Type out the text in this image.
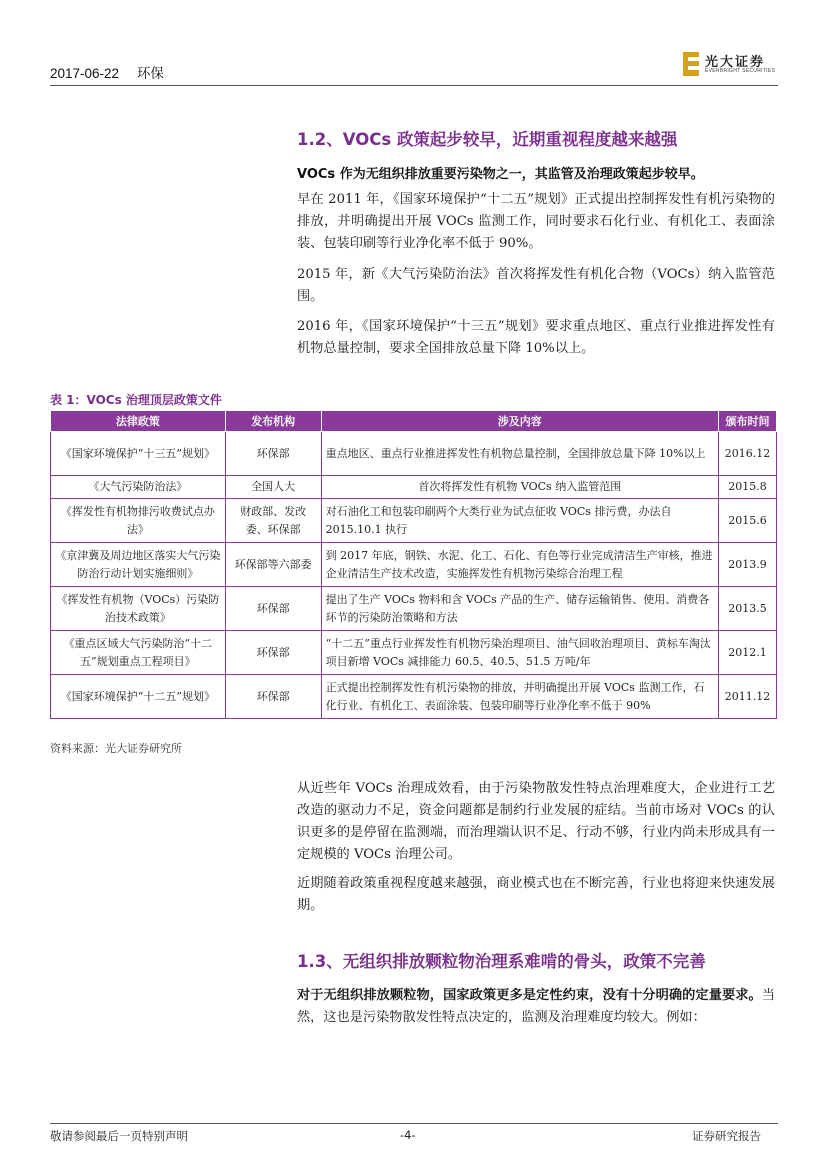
2017-06-22 环保
光大证券
EVERBRIGHT SECURITIES
1.2、VOCs 政策起步较早，近期重视程度越来越强
VOCs 作为无组织排放重要污染物之一，其监管及治理政策起步较早。

早在 2011 年，《国家环境保护“十二五”规划》正式提出控制挥发性有机污染物的排放，并明确提出开展 VOCs 监测工作，同时要求石化行业、有机化工、表面涂装、包装印刷等行业净化率不低于 90%。

2015 年，新《大气污染防治法》首次将挥发性有机化合物（VOCs）纳入监管范围。

2016 年，《国家环境保护“十三五”规划》要求重点地区、重点行业推进挥发性有机物总量控制，要求全国排放总量下降 10%以上。

表 1：VOCs 治理顶层政策文件
法律政策	发布机构	涉及内容	颁布时间
《国家环境保护“十三五”规划》	环保部	重点地区、重点行业推进挥发性有机物总量控制，全国排放总量下降 10%以上	2016.12
《大气污染防治法》	全国人大	首次将挥发性有机物 VOCs 纳入监管范围	2015.8
《挥发性有机物排污收费试点办法》	财政部、发改委、环保部	对石油化工和包装印刷两个大类行业为试点征收 VOCs 排污费，办法自 2015.10.1 执行	2015.6
《京津冀及周边地区落实大气污染防治行动计划实施细则》	环保部等六部委	到 2017 年底，钢铁、水泥、化工、石化、有色等行业完成清洁生产审核，推进企业清洁生产技术改造，实施挥发性有机物污染综合治理工程	2013.9
《挥发性有机物（VOCs）污染防治技术政策》	环保部	提出了生产 VOCs 物料和含 VOCs 产品的生产、储存运输销售、使用、消费各环节的污染防治策略和方法	2013.5
《重点区域大气污染防治“十二五”规划重点工程项目》	环保部	“十二五”重点行业挥发性有机物污染治理项目、油气回收治理项目、黄标车淘汰项目新增 VOCs 减排能力 60.5、40.5、51.5 万吨/年	2012.1
《国家环境保护“十二五”规划》	环保部	正式提出控制挥发性有机污染物的排放，并明确提出开展 VOCs 监测工作，石化行业、有机化工、表面涂装、包装印刷等行业净化率不低于 90%	2011.12
资料来源：光大证券研究所

从近些年 VOCs 治理成效看，由于污染物散发性特点治理难度大，企业进行工艺改造的驱动力不足，资金问题都是制约行业发展的症结。当前市场对 VOCs 的认识更多的是停留在监测端，而治理端认识不足、行动不够，行业内尚未形成具有一定规模的 VOCs 治理公司。

近期随着政策重视程度越来越强，商业模式也在不断完善，行业也将迎来快速发展期。

1.3、无组织排放颗粒物治理系难啃的骨头，政策不完善

对于无组织排放颗粒物，国家政策更多是定性约束，没有十分明确的定量要求。当然，这也是污染物散发性特点决定的，监测及治理难度均较大。例如：

敬请参阅最后一页特别声明	-4-	证券研究报告
